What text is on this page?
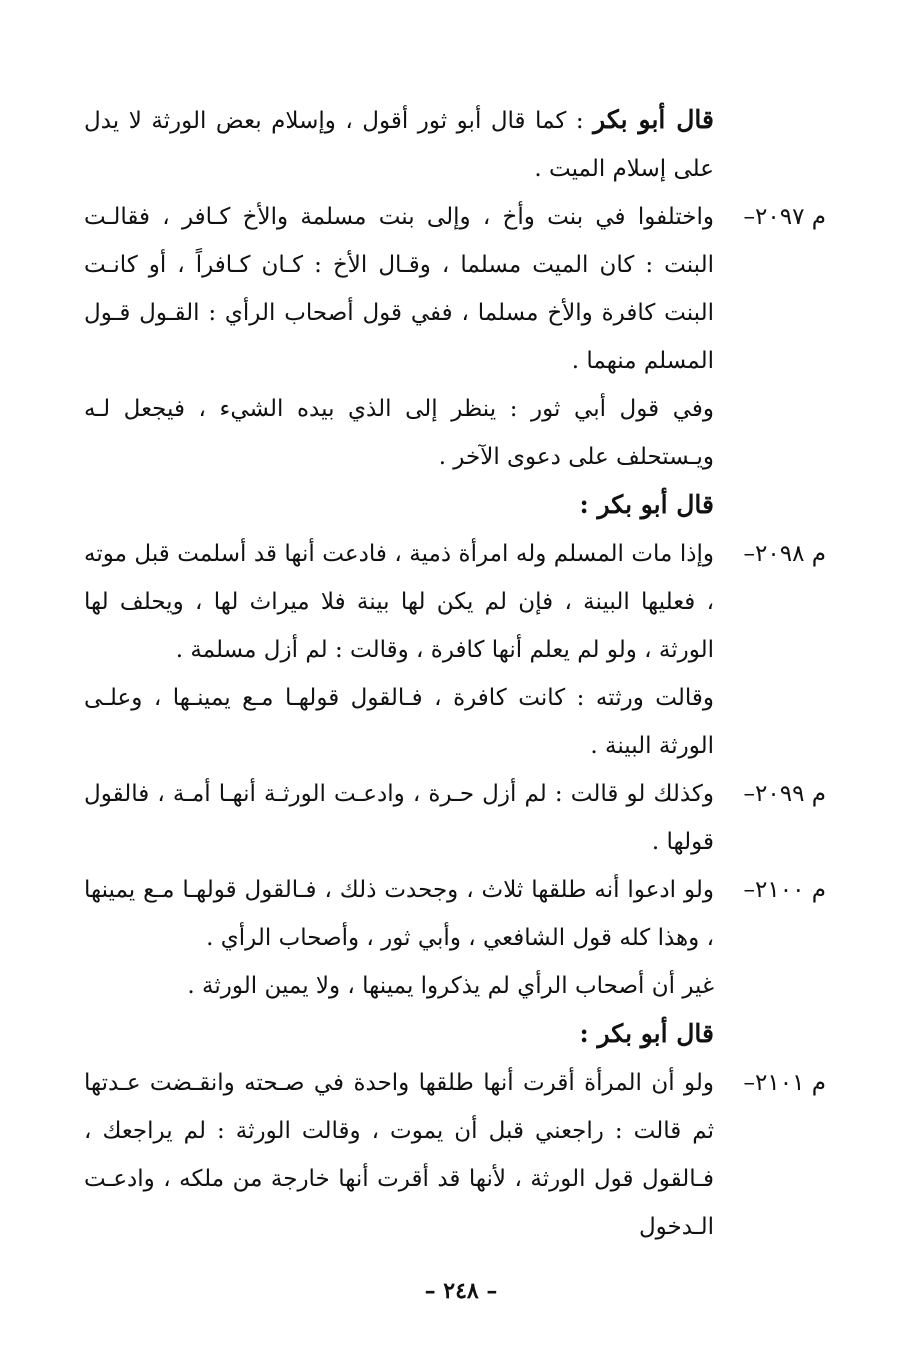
قال أبو بكر : كما قال أبو ثور أقول ، وإسلام بعض الورثة لا يدل على إسلام الميت .

م ٢٠٩٧–
واختلفوا في بنت وأخ ، وإلى بنت مسلمة والأخ كـافر ، فقالـت البنت : كان الميت مسلما ، وقـال الأخ : كـان كـافراً ، أو كانـت البنت كافرة والأخ مسلما ، ففي قول أصحاب الرأي : القـول قـول المسلم منهما .

وفي قول أبي ثور : ينظر إلى الذي بيده الشيء ، فيجعل لـه ويـستحلف على دعوى الآخر .

قال أبو بكر :

م ٢٠٩٨–
وإذا مات المسلم وله امرأة ذمية ، فادعت أنها قد أسلمت قبل موته ، فعليها البينة ، فإن لم يكن لها بينة فلا ميراث لها ، ويحلف لها الورثة ، ولو لم يعلم أنها كافرة ، وقالت : لم أزل مسلمة .

وقالت ورثته : كانت كافرة ، فـالقول قولهـا مـع يمينـها ، وعلـى الورثة البينة .

م ٢٠٩٩–
وكذلك لو قالت : لم أزل حـرة ، وادعـت الورثـة أنهـا أمـة ، فالقول قولها .

م ٢١٠٠–
ولو ادعوا أنه طلقها ثلاث ، وجحدت ذلك ، فـالقول قولهـا مـع يمينها ، وهذا كله قول الشافعي ، وأبي ثور ، وأصحاب الرأي .

غير أن أصحاب الرأي لم يذكروا يمينها ، ولا يمين الورثة .

قال أبو بكر :

م ٢١٠١–
ولو أن المرأة أقرت أنها طلقها واحدة في صـحته وانقـضت عـدتها ثم قالت : راجعني قبل أن يموت ، وقالت الورثة : لم يراجعك ، فـالقول قول الورثة ، لأنها قد أقرت أنها خارجة من ملكه ، وادعـت الـدخول

– ٢٤٨ –
